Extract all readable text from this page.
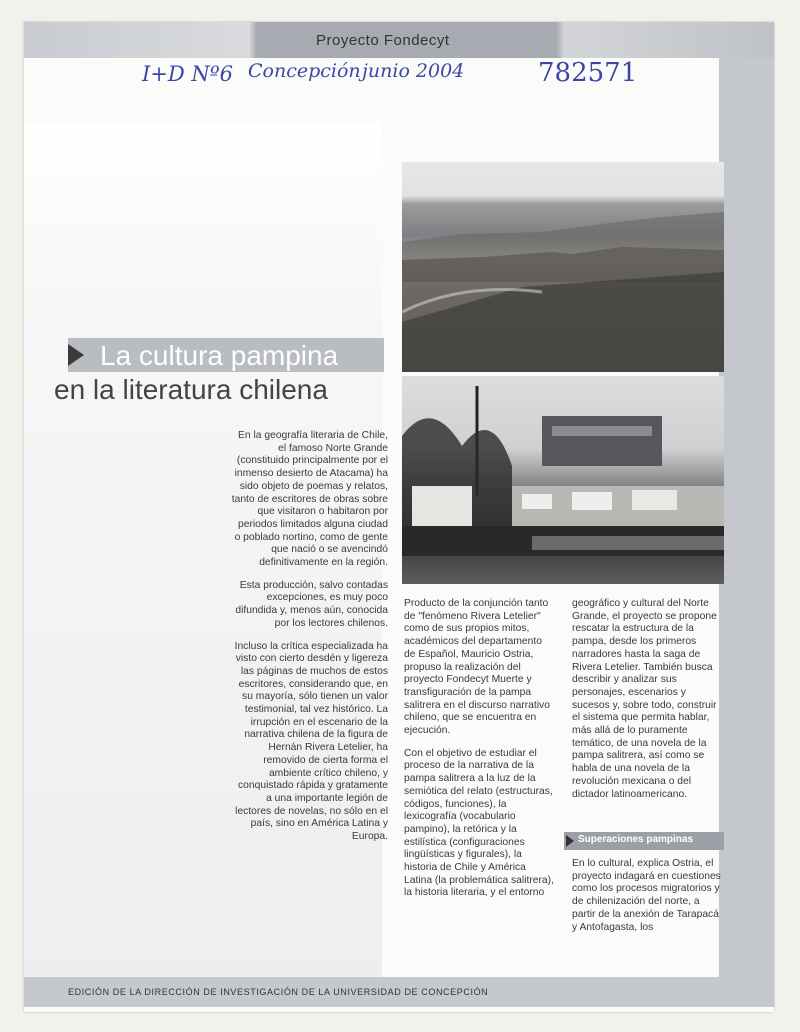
Proyecto Fondecyt
La cultura pampina
en la literatura chilena

En la geografía literaria de Chile, el famoso Norte Grande (constituido principalmente por el inmenso desierto de Atacama) ha sido objeto de poemas y relatos, tanto de escritores de obras sobre que visitaron o habitaron por periodos limitados alguna ciudad o poblado nortino, como de gente que nació o se avencindó definitivamente en la región.

Esta producción, salvo contadas excepciones, es muy poco difundida y, menos aún, conocida por los lectores chilenos.

Incluso la crítica especializada ha visto con cierto desdén y ligereza las páginas de muchos de estos escritores, considerando que, en su mayoría, sólo tienen un valor testimonial, tal vez histórico. La irrupción en el escenario de la narrativa chilena de la figura de Hernán Rivera Letelier, ha removido de cierta forma el ambiente crítico chileno, y conquistado rápida y gratamente a una importante legión de lectores de novelas, no sólo en el país, sino en América Latina y Europa.

Producto de la conjunción tanto de "fenómeno Rivera Letelier" como de sus propios mitos, académicos del departamento de Español, Mauricio Ostria, propuso la realización del proyecto Fondecyt Muerte y transfiguración de la pampa salitrera en el discurso narrativo chileno, que se encuentra en ejecución.

Con el objetivo de estudiar el proceso de la narrativa de la pampa salitrera a la luz de la semiótica del relato (estructuras, códigos, funciones), la lexicografía (vocabulario pampino), la retórica y la estilística (configuraciones lingüísticas y figurales), la historia de Chile y América Latina (la problemática salitrera), la historia literaria, y el entorno

geográfico y cultural del Norte Grande, el proyecto se propone rescatar la estructura de la pampa, desde los primeros narradores hasta la saga de Rivera Letelier. También busca describir y analizar sus personajes, escenarios y sucesos y, sobre todo, construir el sistema que permita hablar, más allá de lo puramente temático, de una novela de la pampa salitrera, así como se habla de una novela de la revolución mexicana o del dictador latinoamericano.

Superaciones pampinas

En lo cultural, explica Ostria, el proyecto indagará en cuestiones como los procesos migratorios y de chilenización del norte, a partir de la anexión de Tarapacá y Antofagasta, los

EDICIÓN DE LA DIRECCIÓN DE INVESTIGACIÓN DE LA UNIVERSIDAD DE CONCEPCIÓN
I+D Nº6 Concepción junio 2004	782571
